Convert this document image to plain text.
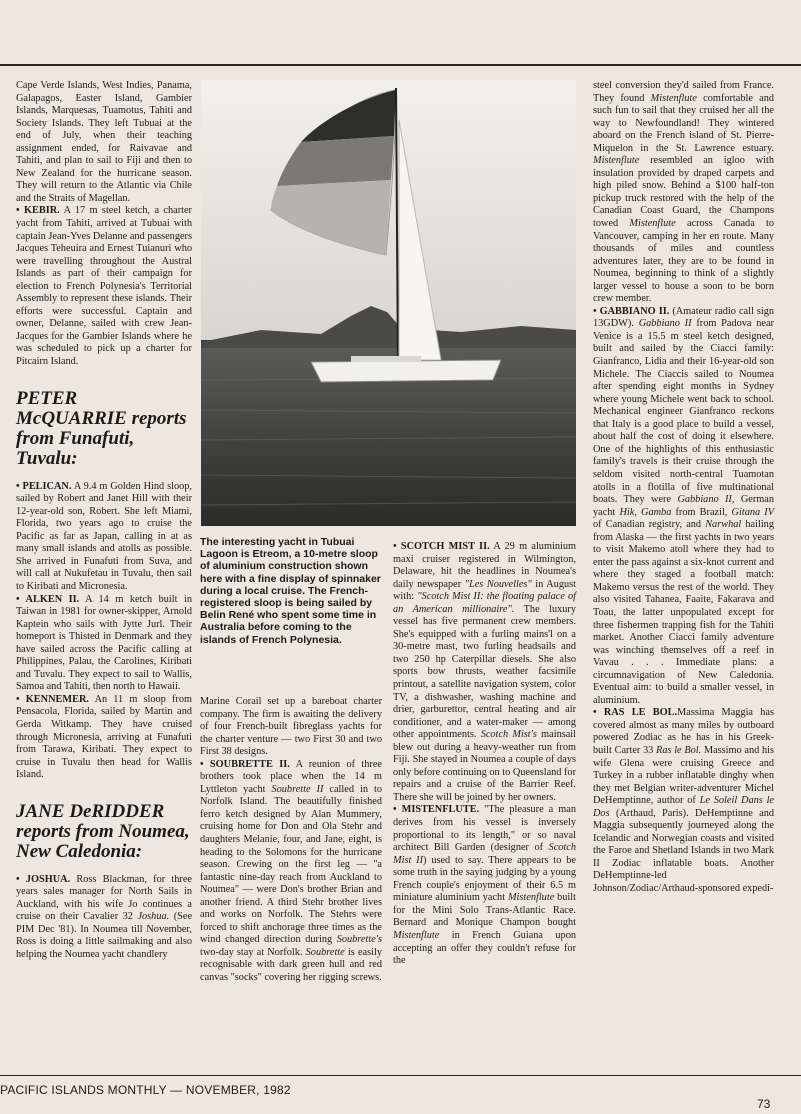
Cape Verde Islands, West Indies, Panama, Galapagos, Easter Island, Gambier Islands, Marquesas, Tuamotus, Tahiti and Society Islands. They left Tubuai at the end of July, when their teaching assignment ended, for Raivavae and Tahiti, and plan to sail to Fiji and then to New Zealand for the hurricane season. They will return to the Atlantic via Chile and the Straits of Magellan.

• KEBIR. A 17 m steel ketch, a charter yacht from Tahiti, arrived at Tubuai with captain Jean-Yves Delanne and passengers Jacques Teheuira and Ernest Tuianuri who were travelling throughout the Austral Islands as part of their campaign for election to French Polynesia's Territorial Assembly to represent these islands. Their efforts were successful. Captain and owner, Delanne, sailed with crew Jean-Jacques for the Gambier Islands where he was scheduled to pick up a charter for Pitcairn Island.

PETER McQUARRIE reports from Funafuti, Tuvalu:

• PELICAN. A 9.4 m Golden Hind sloop, sailed by Robert and Janet Hill with their 12-year-old son, Robert. She left Miami, Florida, two years ago to cruise the Pacific as far as Japan, calling in at as many small islands and atolls as possible. She arrived in Funafuti from Suva, and will call at Nukufetau in Tuvalu, then sail to Kiribati and Micronesia.

• ALKEN II. A 14 m ketch built in Taiwan in 1981 for owner-skipper, Arnold Kaptein who sails with Jytte Jurl. Their homeport is Thisted in Denmark and they have sailed across the Pacific calling at Philippines, Palau, the Carolines, Kiribati and Tuvalu. They expect to sail to Wallis, Samoa and Tahiti, then north to Hawaii.

• KENNEMER. An 11 m sloop from Pensacola, Florida, sailed by Martin and Gerda Witkamp. They have cruised through Micronesia, arriving at Funafuti from Tarawa, Kiribati. They expect to cruise in Tuvalu then head for Wallis Island.

JANE DeRIDDER reports from Noumea, New Caledonia:

• JOSHUA. Ross Blackman, for three years sales manager for North Sails in Auckland, with his wife Jo continues a cruise on their Cavalier 32 Joshua. (See PIM Dec '81). In Noumea till November, Ross is doing a little sailmaking and also helping the Noumea yacht chandlery

The interesting yacht in Tubuai Lagoon is Etreom, a 10-metre sloop of aluminium construction shown here with a fine display of spinnaker during a local cruise. The French-registered sloop is being sailed by Belin René who spent some time in Australia before coming to the islands of French Polynesia.

Marine Corail set up a bareboat charter company. The firm is awaiting the delivery of four French-built fibreglass yachts for the charter venture — two First 30 and two First 38 designs.

• SOUBRETTE II. A reunion of three brothers took place when the 14 m Lyttleton yacht Soubrette II called in to Norfolk Island. The beautifully finished ferro ketch designed by Alan Mummery, cruising home for Don and Ola Stehr and daughters Melanie, four, and Jane, eight, is heading to the Solomons for the hurricane season. Crewing on the first leg — "a fantastic nine-day reach from Auckland to Noumea" — were Don's brother Brian and another friend. A third Stehr brother lives and works on Norfolk. The Stehrs were forced to shift anchorage three times as the wind changed direction during Soubrette's two-day stay at Norfolk. Soubrette is easily recognisable with dark green hull and red canvas "socks" covering her rigging screws.

• SCOTCH MIST II. A 29 m aluminium maxi cruiser registered in Wilmington, Delaware, hit the headlines in Noumea's daily newspaper "Les Nouvelles" in August with: "Scotch Mist II: the floating palace of an American millionaire". The luxury vessel has five permanent crew members. She's equipped with a furling mains'l on a 30-metre mast, two furling headsails and two 250 hp Caterpillar diesels. She also sports bow thrusts, weather facsimile printout, a satellite navigation system, color TV, a dishwasher, washing machine and drier, garburettor, central heating and air conditioner, and a water-maker — among other appointments. Scotch Mist's mainsail blew out during a heavy-weather run from Fiji. She stayed in Noumea a couple of days only before continuing on to Queensland for repairs and a cruise of the Barrier Reef. There she will be joined by her owners.

• MISTENFLUTE. "The pleasure a man derives from his vessel is inversely proportional to its length," or so naval architect Bill Garden (designer of Scotch Mist II) used to say. There appears to be some truth in the saying judging by a young French couple's enjoyment of their 6.5 m miniature aluminium yacht Mistenflute built for the Mini Solo Trans-Atlantic Race. Bernard and Monique Champon bought Mistenflute in French Guiana upon accepting an offer they couldn't refuse for the

steel conversion they'd sailed from France. They found Mistenflute comfortable and such fun to sail that they cruised her all the way to Newfoundland! They wintered aboard on the French island of St. Pierre-Miquelon in the St. Lawrence estuary. Mistenflute resembled an igloo with insulation provided by draped carpets and high piled snow. Behind a $100 half-ton pickup truck restored with the help of the Canadian Coast Guard, the Champons towed Mistenflute across Canada to Vancouver, camping in her en route. Many thousands of miles and countless adventures later, they are to be found in Noumea, beginning to think of a slightly larger vessel to house a soon to be born crew member.

• GABBIANO II. (Amateur radio call sign 13GDW). Gabbiano II from Padova near Venice is a 15.5 m steel ketch designed, built and sailed by the Ciacci family: Gianfranco, Lidia and their 16-year-old son Michele. The Ciaccis sailed to Noumea after spending eight months in Sydney where young Michele went back to school. Mechanical engineer Gianfranco reckons that Italy is a good place to build a vessel, about half the cost of doing it elsewhere. One of the highlights of this enthusiastic family's travels is their cruise through the seldom visited north-central Tuamotan atolls in a flotilla of five multinational boats. They were Gabbiano II, German yacht Hik, Gamba from Brazil, Gitana IV of Canadian registry, and Narwhal hailing from Alaska — the first yachts in two years to visit Makemo atoll where they had to enter the pass against a six-knot current and where they staged a football match: Makemo versus the rest of the world. They also visited Tahanea, Faaite, Fakarava and Toau, the latter unpopulated except for three fishermen trapping fish for the Tahiti market. Another Ciacci family adventure was winching themselves off a reef in Vavau . . . Immediate plans: a circumnavigation of New Caledonia. Eventual aim: to build a smaller vessel, in aluminium.

• RAS LE BOL.Massima Maggia has covered almost as many miles by outboard powered Zodiac as he has in his Greek-built Carter 33 Ras le Bol. Massimo and his wife Glena were cruising Greece and Turkey in a rubber inflatable dinghy when they met Belgian writer-adventurer Michel DeHemptinne, author of Le Soleil Dans le Dos (Arthaud, Paris). DeHemptinne and Maggia subsequently journeyed along the Icelandic and Norwegian coasts and visited the Faroe and Shetland Islands in two Mark II Zodiac inflatable boats. Another DeHemptinne-led Johnson/Zodiac/Arthaud-sponsored expedi-

PACIFIC ISLANDS MONTHLY — NOVEMBER, 1982
73
